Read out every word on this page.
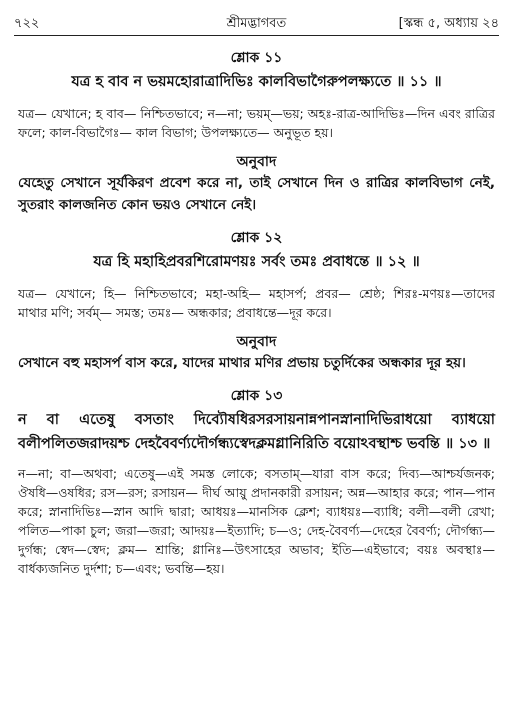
৭২২	শ্রীমদ্ভাগবত	[স্কন্ধ ৫, অধ্যায় ২৪

শ্লোক ১১

যত্র হ বাব ন ভয়মহোরাত্রাদিভিঃ কালবিভাগৈরুপলক্ষ্যতে ॥ ১১ ॥

যত্র— যেখানে; হ বাব— নিশ্চিতভাবে; ন—না; ভয়ম্—ভয়; অহঃ-রাত্র-আদিভিঃ—দিন এবং রাত্রির ফলে; কাল-বিভাগৈঃ— কাল বিভাগ; উপলক্ষ্যতে— অনুভূত হয়।

অনুবাদ

যেহেতু সেখানে সূর্যকিরণ প্রবেশ করে না, তাই সেখানে দিন ও রাত্রির কালবিভাগ নেই, সুতরাং কালজনিত কোন ভয়ও সেখানে নেই।

শ্লোক ১২

যত্র হি মহাহিপ্রবরশিরোমণয়ঃ সর্বং তমঃ প্রবাধন্তে ॥ ১২ ॥

যত্র— যেখানে; হি— নিশ্চিতভাবে; মহা-অহি— মহাসর্প; প্রবর— শ্রেষ্ঠ; শিরঃ-মণয়ঃ—তাদের মাথার মণি; সর্বম্— সমস্ত; তমঃ— অন্ধকার; প্রবাধন্তে—দূর করে।

অনুবাদ

সেখানে বহু মহাসর্প বাস করে, যাদের মাথার মণির প্রভায় চতুর্দিকের অন্ধকার দূর হয়।

শ্লোক ১৩

ন বা এতেষু বসতাং দিব্যৌষধিরসরসায়নান্নপানস্নানাদিভিরাধয়ো ব্যাধয়ো বলীপলিতজরাদয়শ্চ দেহবৈবর্ণ্যদৌর্গন্ধ্যস্বেদক্লমগ্লানিরিতি বয়োঽবস্থাশ্চ ভবন্তি ॥ ১৩ ॥

ন—না; বা—অথবা; এতেষু—এই সমস্ত লোকে; বসতাম্—যারা বাস করে; দিব্য—আশ্চর্যজনক; ঔষধি—ওষধির; রস—রস; রসায়ন— দীর্ঘ আয়ু প্রদানকারী রসায়ন; অন্ন—আহার করে; পান—পান করে; স্নানাদিভিঃ—স্নান আদি দ্বারা; আধয়ঃ—মানসিক ক্লেশ; ব্যাধয়ঃ—ব্যাধি; বলী—বলী রেখা; পলিত—পাকা চুল; জরা—জরা; আদয়ঃ—ইত্যাদি; চ—ও; দেহ-বৈবর্ণ্য—দেহের বৈবর্ণ্য; দৌর্গন্ধ্য—দুর্গন্ধ; স্বেদ—স্বেদ; ক্লম— শ্রান্তি; গ্লানিঃ—উৎসাহের অভাব; ইতি—এইভাবে; বয়ঃ অবস্থাঃ— বার্ধক্যজনিত দুর্দশা; চ—এবং; ভবন্তি—হয়।
